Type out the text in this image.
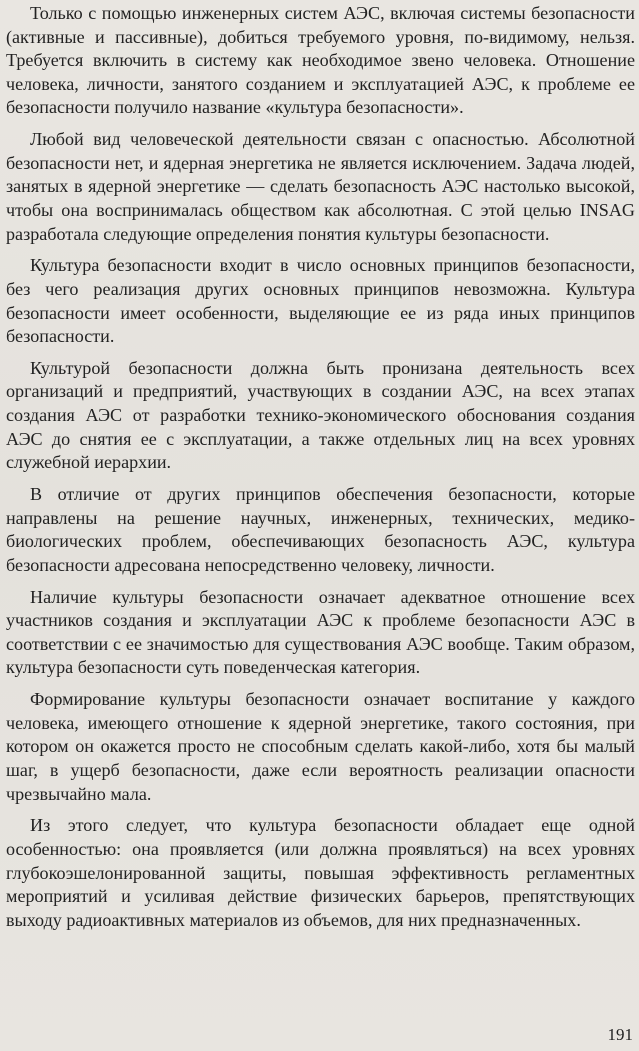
Только с помощью инженерных систем АЭС, включая системы безопасности (активные и пассивные), добиться требуемого уровня, по-видимому, нельзя. Требуется включить в систему как необходимое звено человека. Отношение человека, личности, занятого созданием и эксплуатацией АЭС, к проблеме ее безопасности получило название «культура безопасности».

Любой вид человеческой деятельности связан с опасностью. Абсолютной безопасности нет, и ядерная энергетика не является исключением. Задача людей, занятых в ядерной энергетике — сделать безопасность АЭС настолько высокой, чтобы она воспринималась обществом как абсолютная. С этой целью INSAG разработала следующие определения понятия культуры безопасности.

Культура безопасности входит в число основных принципов безопасности, без чего реализация других основных принципов невозможна. Культура безопасности имеет особенности, выделяющие ее из ряда иных принципов безопасности.

Культурой безопасности должна быть пронизана деятельность всех организаций и предприятий, участвующих в создании АЭС, на всех этапах создания АЭС от разработки технико-экономического обоснования создания АЭС до снятия ее с эксплуатации, а также отдельных лиц на всех уровнях служебной иерархии.

В отличие от других принципов обеспечения безопасности, которые направлены на решение научных, инженерных, технических, медико-биологических проблем, обеспечивающих безопасность АЭС, культура безопасности адресована непосредственно человеку, личности.

Наличие культуры безопасности означает адекватное отношение всех участников создания и эксплуатации АЭС к проблеме безопасности АЭС в соответствии с ее значимостью для существования АЭС вообще. Таким образом, культура безопасности суть поведенческая категория.

Формирование культуры безопасности означает воспитание у каждого человека, имеющего отношение к ядерной энергетике, такого состояния, при котором он окажется просто не способным сделать какой-либо, хотя бы малый шаг, в ущерб безопасности, даже если вероятность реализации опасности чрезвычайно мала.

Из этого следует, что культура безопасности обладает еще одной особенностью: она проявляется (или должна проявляться) на всех уровнях глубокоэшелонированной защиты, повышая эффективность регламентных мероприятий и усиливая действие физических барьеров, препятствующих выходу радиоактивных материалов из объемов, для них предназначенных.

191
